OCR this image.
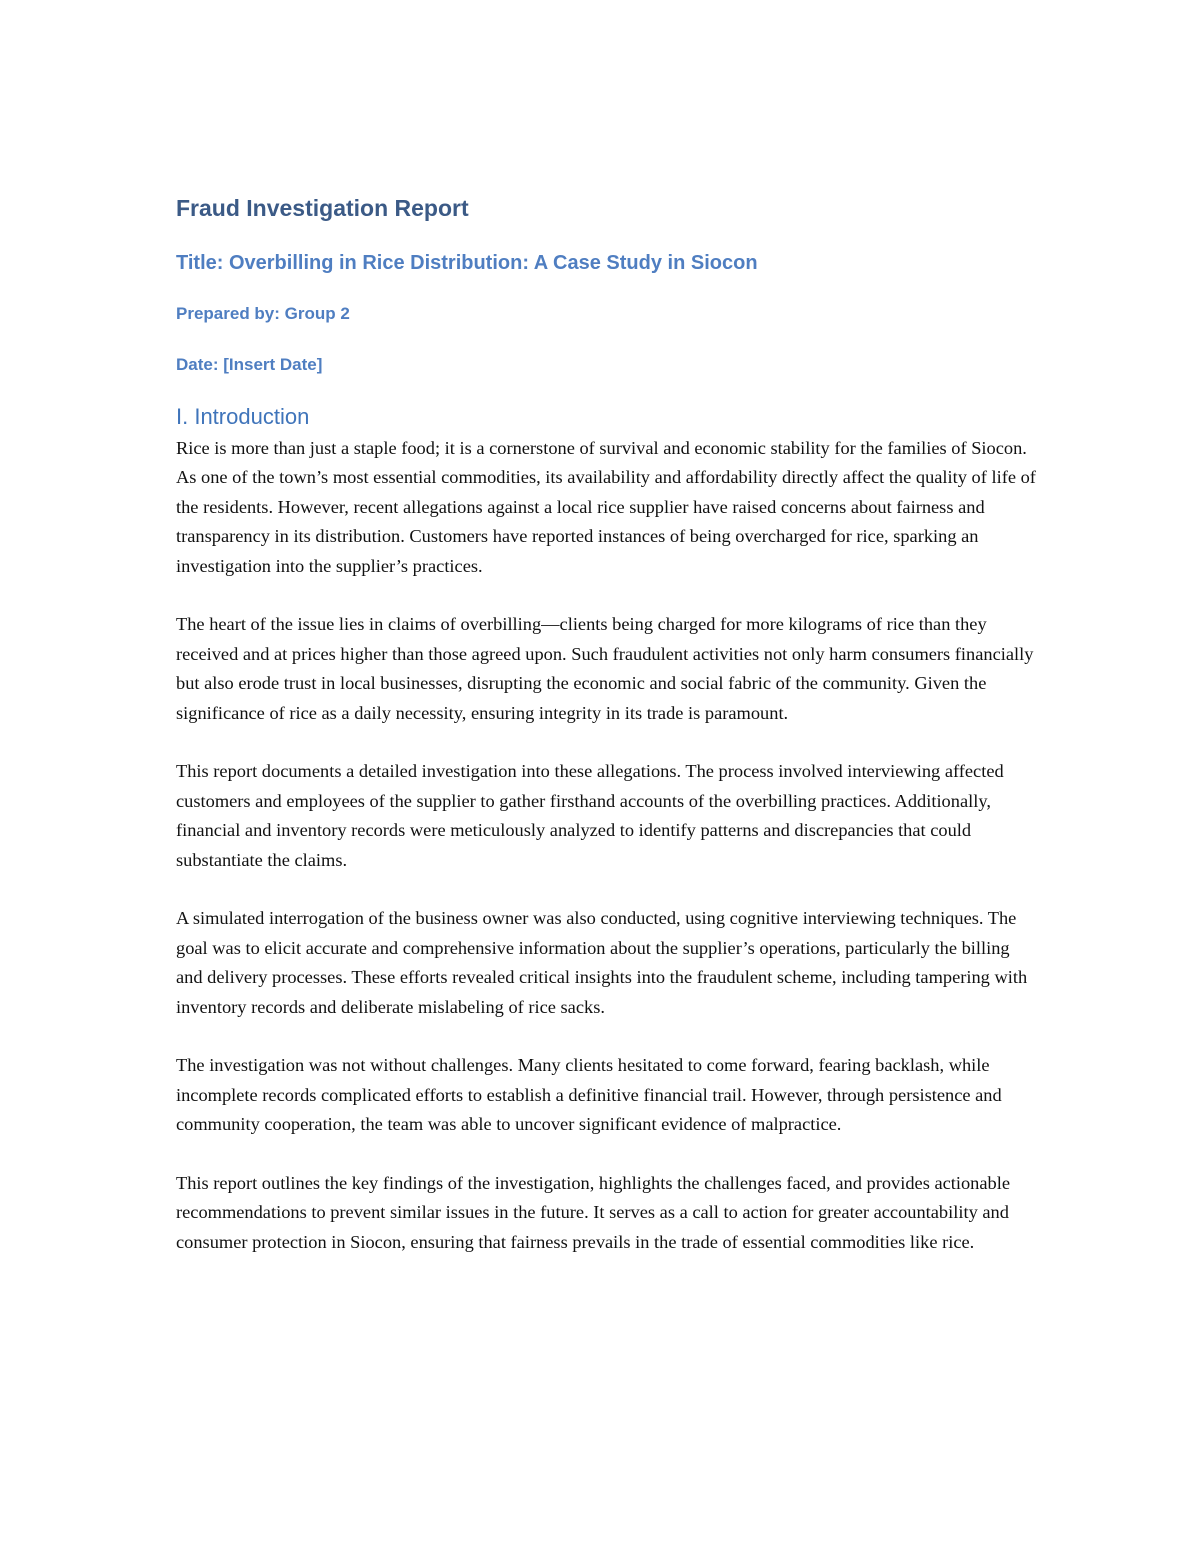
Fraud Investigation Report

Title: Overbilling in Rice Distribution: A Case Study in Siocon

Prepared by: Group 2

Date: [Insert Date]

I. Introduction

Rice is more than just a staple food; it is a cornerstone of survival and economic stability for the families of Siocon. As one of the town’s most essential commodities, its availability and affordability directly affect the quality of life of the residents. However, recent allegations against a local rice supplier have raised concerns about fairness and transparency in its distribution. Customers have reported instances of being overcharged for rice, sparking an investigation into the supplier’s practices.

The heart of the issue lies in claims of overbilling—clients being charged for more kilograms of rice than they received and at prices higher than those agreed upon. Such fraudulent activities not only harm consumers financially but also erode trust in local businesses, disrupting the economic and social fabric of the community. Given the significance of rice as a daily necessity, ensuring integrity in its trade is paramount.

This report documents a detailed investigation into these allegations. The process involved interviewing affected customers and employees of the supplier to gather firsthand accounts of the overbilling practices. Additionally, financial and inventory records were meticulously analyzed to identify patterns and discrepancies that could substantiate the claims.

A simulated interrogation of the business owner was also conducted, using cognitive interviewing techniques. The goal was to elicit accurate and comprehensive information about the supplier’s operations, particularly the billing and delivery processes. These efforts revealed critical insights into the fraudulent scheme, including tampering with inventory records and deliberate mislabeling of rice sacks.

The investigation was not without challenges. Many clients hesitated to come forward, fearing backlash, while incomplete records complicated efforts to establish a definitive financial trail. However, through persistence and community cooperation, the team was able to uncover significant evidence of malpractice.

This report outlines the key findings of the investigation, highlights the challenges faced, and provides actionable recommendations to prevent similar issues in the future. It serves as a call to action for greater accountability and consumer protection in Siocon, ensuring that fairness prevails in the trade of essential commodities like rice.
